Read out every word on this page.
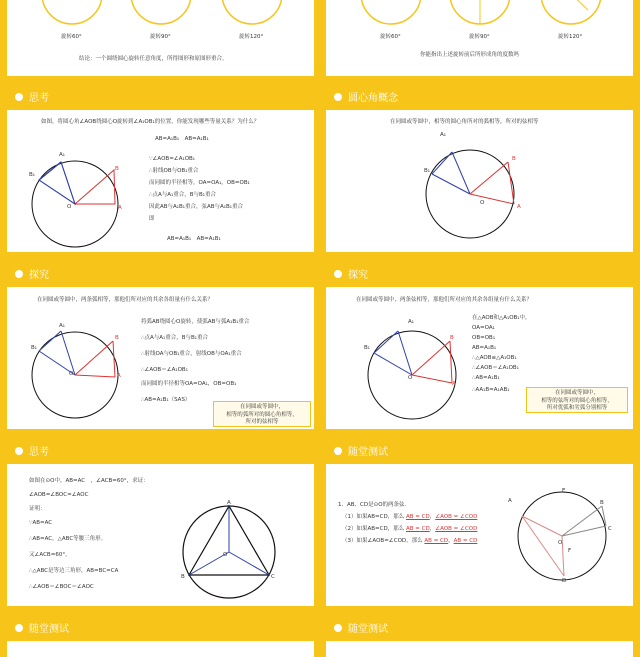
旋转60°	旋转90°	旋转120°
结论：一个圆绕圆心旋转任意角度，所得图形和原图形重合。
旋转60°	旋转90°	旋转120°
你能指出上述旋转前后所形成角的度数吗
思考
如图，将圆心角∠AOB绕圆心O旋转到∠A₁OB₁的位置，你能发现哪些等量关系？为什么？
A₁
B
B₁
O	A
AB=A₁B₁　AB=A₁B₁
∵∠AOB=∠A₁OB₁
∴射线OB与OB₁重合
而同圆的半径相等，OA=OA₁，OB=OB₁
∴点A与A₁重合，B与B₁重合
因此AB与A₁B₁重合，弦AB与A₁B₁重合
即
AB=A₁B₁　AB=A₁B₁
圆心角概念
在同圆或等圆中，相等的圆心角所对的弧相等，所对的弦相等
A₁
B
B₁
O
A
探究
在同圆或等圆中，两条弧相等，那他们所对应的其余各组量有什么关系？
A₁
B
B₁
O	A
将弧AB绕圆心O旋转，使弧AB与弧A₁B₁重合
∴点A与A₁重合，B与B₁重合
∴射线OA与OB₁重合，射线OB与OA₁重合
∴∠AOB＝∠A₁OB₁
而同圆的半径相等OA=OA₁，OB=OB₁
∴AB=A₁B₁（SAS）
在同圆或等圆中，
相等的弧所对的圆心角相等，
所对的弦相等
探究
在同圆或等圆中，两条弦相等，那他们所对应的其余各组量有什么关系？
A₁
B
B₁
O
A
在△AOB和△A₁OB₁中，
OA=OA₁
OB=OB₁
AB=A₁B₁
∴△AOB≌△A₁OB₁
∴∠AOB＝∠A₁OB₁
∴AB=A₁B₁
∴AA₁B=A₁AB₁	在同圆或等圆中，
相等的弦所对的圆心角相等，
所对优弧和劣弧分别相等
思考
如图在⊙O中，AB=AC　，∠ACB=60°，求证：
∠AOB=∠BOC=∠AOC
证明：
∵AB=AC
∴AB=AC，△ABC等腰三角形。
又∠ACB=60°，
∴△ABC是等边三角形，AB=BC=CA
∴∠AOB＝∠BOC＝∠AOC
A
B	C
O
随堂测试
1．AB、CD是⊙O的两条弦.
（1）如果AB=CD，那么 AB = CD，∠AOB = ∠COD
（2）如果AB=CD，那么 AB = CD，∠AOB = ∠COD
（3）如果∠AOB=∠COD，那么 AB = CD，AB = CD
A
E
B
C
O
F
D
随堂测试	随堂测试
